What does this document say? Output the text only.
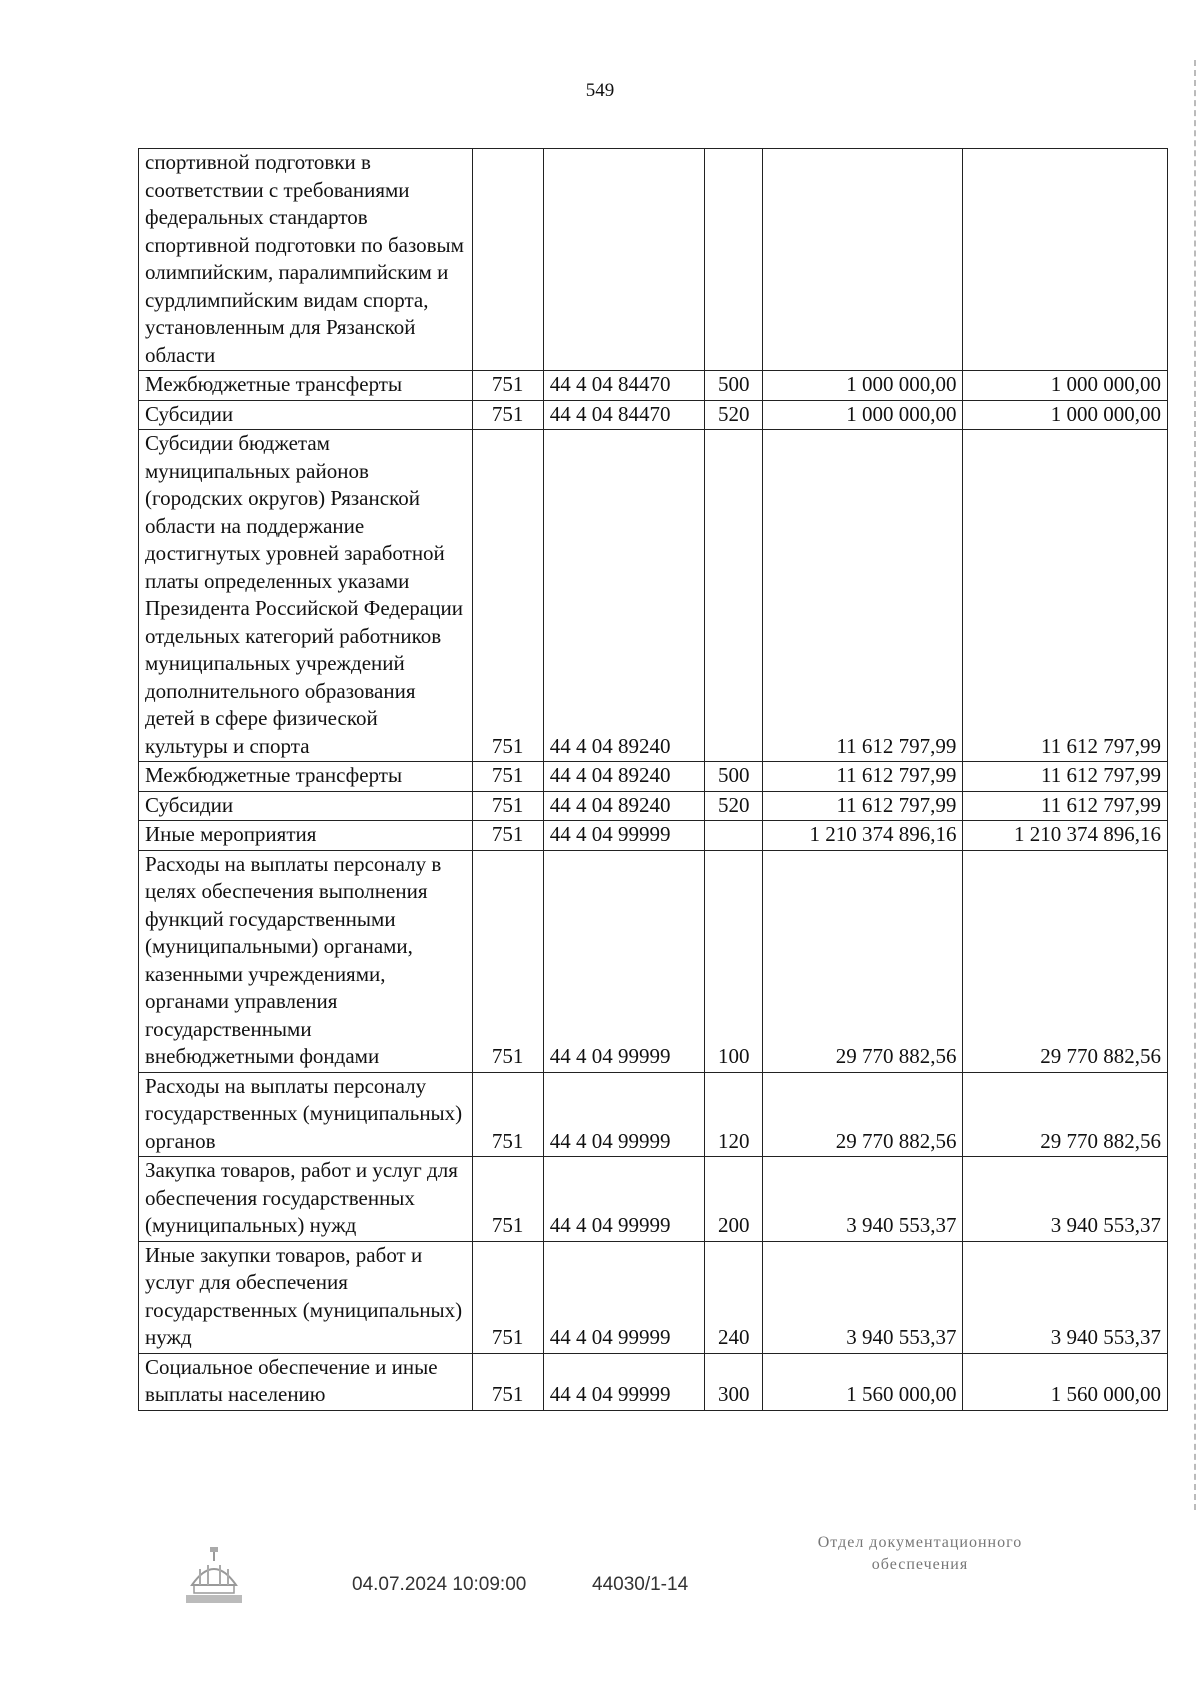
549
спортивной подготовки в соответствии с требованиями федеральных стандартов спортивной подготовки по базовым олимпийским, паралимпийским и сурдлимпийским видам спорта, установленным для Рязанской области					
Межбюджетные трансферты	751	44 4 04 84470	500	1 000 000,00	1 000 000,00
Субсидии	751	44 4 04 84470	520	1 000 000,00	1 000 000,00
Субсидии бюджетам муниципальных районов (городских округов) Рязанской области на поддержание достигнутых уровней заработной платы определенных указами Президента Российской Федерации отдельных категорий работников муниципальных учреждений дополнительного образования детей в сфере физической культуры и спорта	751	44 4 04 89240		11 612 797,99	11 612 797,99
Межбюджетные трансферты	751	44 4 04 89240	500	11 612 797,99	11 612 797,99
Субсидии	751	44 4 04 89240	520	11 612 797,99	11 612 797,99
Иные мероприятия	751	44 4 04 99999		1 210 374 896,16	1 210 374 896,16
Расходы на выплаты персоналу в целях обеспечения выполнения функций государственными (муниципальными) органами, казенными учреждениями, органами управления государственными внебюджетными фондами	751	44 4 04 99999	100	29 770 882,56	29 770 882,56
Расходы на выплаты персоналу государственных (муниципальных) органов	751	44 4 04 99999	120	29 770 882,56	29 770 882,56
Закупка товаров, работ и услуг для обеспечения государственных (муниципальных) нужд	751	44 4 04 99999	200	3 940 553,37	3 940 553,37
Иные закупки товаров, работ и услуг для обеспечения государственных (муниципальных) нужд	751	44 4 04 99999	240	3 940 553,37	3 940 553,37
Социальное обеспечение и иные выплаты населению	751	44 4 04 99999	300	1 560 000,00	1 560 000,00
04.07.2024 10:09:00	44030/1-14
Отдел документационного
обеспечения
